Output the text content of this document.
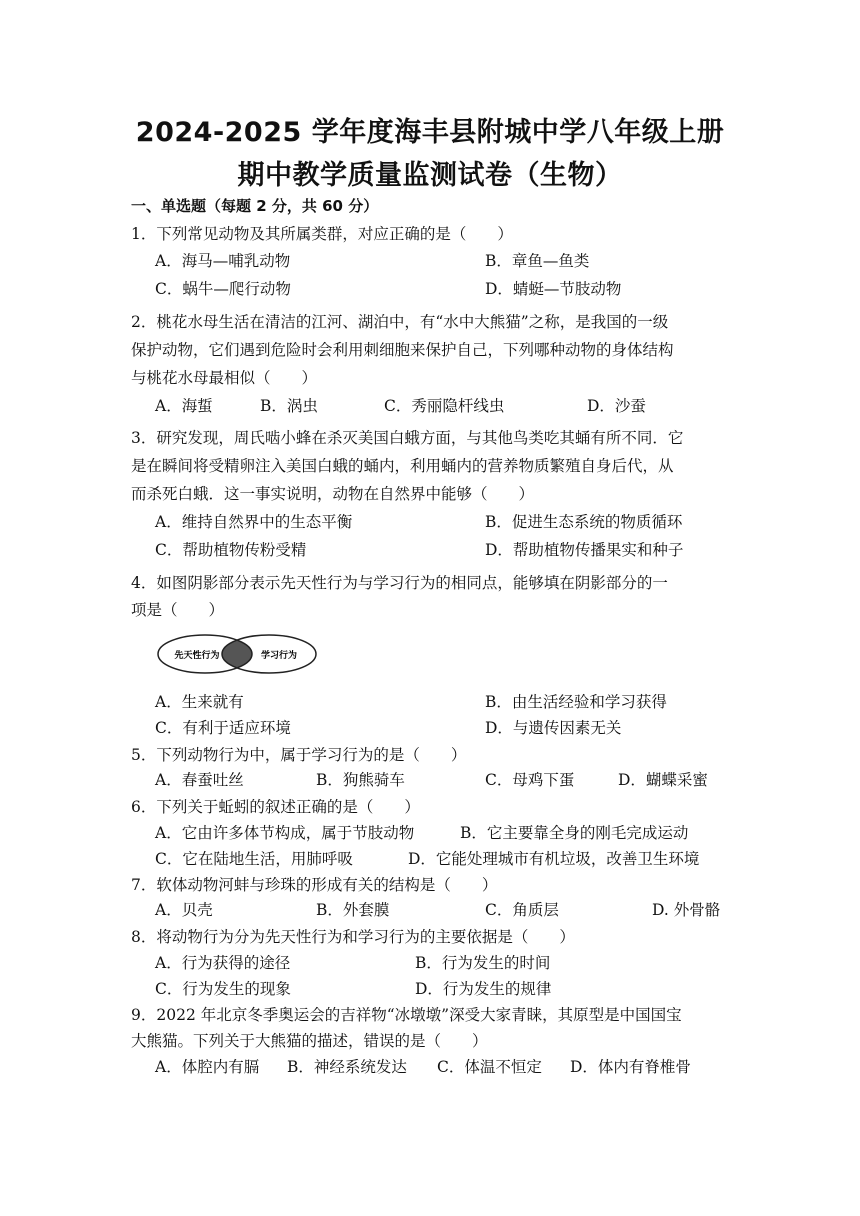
2024-2025 学年度海丰县附城中学八年级上册
期中教学质量监测试卷（生物）
一、单选题（每题 2 分，共 60 分）
1．下列常见动物及其所属类群，对应正确的是（　　）
A．海马—哺乳动物	B．章鱼—鱼类
C．蜗牛—爬行动物	D．蜻蜓—节肢动物
2．桃花水母生活在清洁的江河、湖泊中，有“水中大熊猫”之称，是我国的一级
保护动物，它们遇到危险时会利用刺细胞来保护自己，下列哪种动物的身体结构
与桃花水母最相似（　　）
A．海蜇	B．涡虫	C．秀丽隐杆线虫	D．沙蚕
3．研究发现，周氏啮小蜂在杀灭美国白蛾方面，与其他鸟类吃其蛹有所不同．它
是在瞬间将受精卵注入美国白蛾的蛹内，利用蛹内的营养物质繁殖自身后代，从
而杀死白蛾．这一事实说明，动物在自然界中能够（　　）
A．维持自然界中的生态平衡	B．促进生态系统的物质循环
C．帮助植物传粉受精	D．帮助植物传播果实和种子
4．如图阴影部分表示先天性行为与学习行为的相同点，能够填在阴影部分的一
项是（　　）
先天性行为	学习行为
A．生来就有	B．由生活经验和学习获得
C．有利于适应环境	D．与遗传因素无关
5．下列动物行为中，属于学习行为的是（　　）
A．春蚕吐丝	B．狗熊骑车	C．母鸡下蛋	D．蝴蝶采蜜
6．下列关于蚯蚓的叙述正确的是（　　）
A．它由许多体节构成，属于节肢动物	B．它主要靠全身的刚毛完成运动
C．它在陆地生活，用肺呼吸	D．它能处理城市有机垃圾，改善卫生环境
7．软体动物河蚌与珍珠的形成有关的结构是（　　）
A．贝壳	B．外套膜	C．角质层	D. 外骨骼
8．将动物行为分为先天性行为和学习行为的主要依据是（　　）
A．行为获得的途径	B．行为发生的时间
C．行为发生的现象	D．行为发生的规律
9．2022 年北京冬季奥运会的吉祥物“冰墩墩”深受大家青睐，其原型是中国国宝
大熊猫。下列关于大熊猫的描述，错误的是（　　）
A．体腔内有膈 B．神经系统发达 C．体温不恒定 D．体内有脊椎骨
